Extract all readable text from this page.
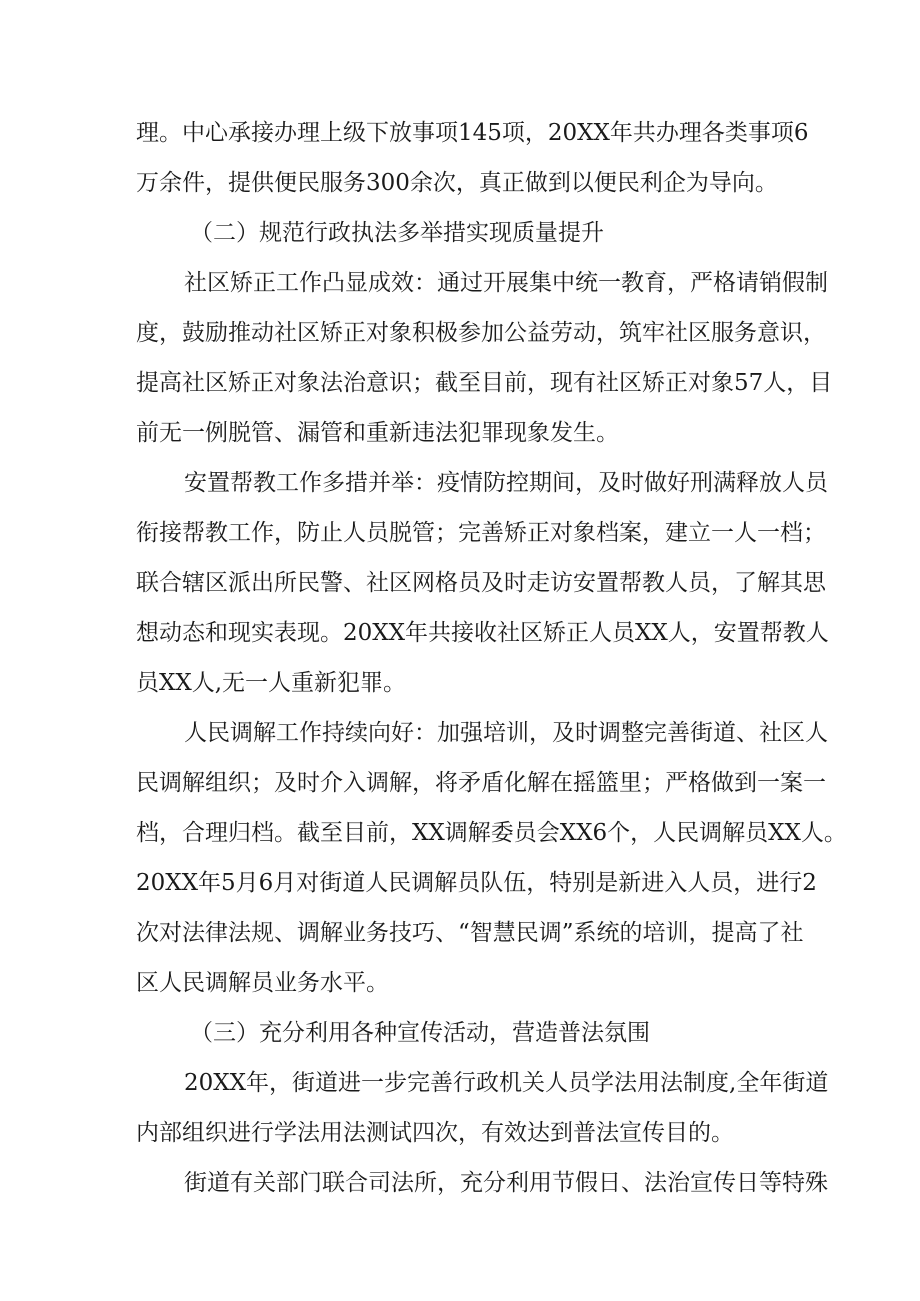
理。中心承接办理上级下放事项145项，20XX年共办理各类事项6
万余件，提供便民服务300余次，真正做到以便民利企为导向。
（二）规范行政执法多举措实现质量提升
社区矫正工作凸显成效：通过开展集中统一教育，严格请销假制
度，鼓励推动社区矫正对象积极参加公益劳动，筑牢社区服务意识，
提高社区矫正对象法治意识；截至目前，现有社区矫正对象57人，目
前无一例脱管、漏管和重新违法犯罪现象发生。
安置帮教工作多措并举：疫情防控期间，及时做好刑满释放人员
衔接帮教工作，防止人员脱管；完善矫正对象档案，建立一人一档；
联合辖区派出所民警、社区网格员及时走访安置帮教人员，了解其思
想动态和现实表现。20XX年共接收社区矫正人员XX人，安置帮教人
员XX人,无一人重新犯罪。
人民调解工作持续向好：加强培训，及时调整完善街道、社区人
民调解组织；及时介入调解，将矛盾化解在摇篮里；严格做到一案一
档，合理归档。截至目前，XX调解委员会XX6个，人民调解员XX人。
20XX年5月6月对街道人民调解员队伍，特别是新进入人员，进行2
次对法律法规、调解业务技巧、“智慧民调”系统的培训，提高了社
区人民调解员业务水平。
（三）充分利用各种宣传活动，营造普法氛围
20XX年，街道进一步完善行政机关人员学法用法制度,全年街道
内部组织进行学法用法测试四次，有效达到普法宣传目的。
街道有关部门联合司法所，充分利用节假日、法治宣传日等特殊
